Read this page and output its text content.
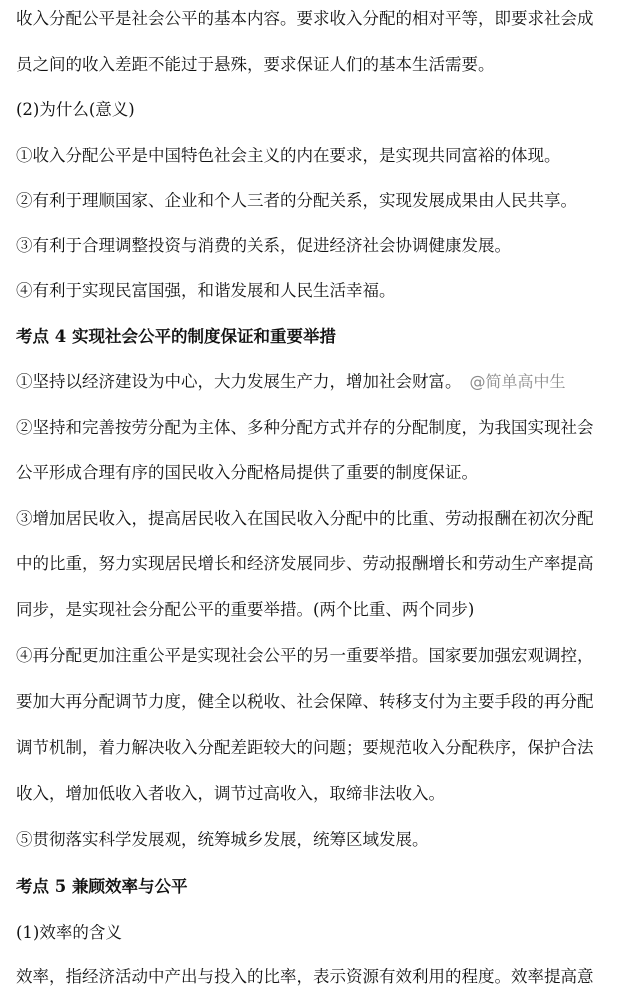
收入分配公平是社会公平的基本内容。要求收入分配的相对平等，即要求社会成
员之间的收入差距不能过于悬殊，要求保证人们的基本生活需要。
(2)为什么(意义)
①收入分配公平是中国特色社会主义的内在要求，是实现共同富裕的体现。
②有利于理顺国家、企业和个人三者的分配关系，实现发展成果由人民共享。
③有利于合理调整投资与消费的关系，促进经济社会协调健康发展。
④有利于实现民富国强，和谐发展和人民生活幸福。
考点 4 实现社会公平的制度保证和重要举措
①坚持以经济建设为中心，大力发展生产力，增加社会财富。 @简单高中生
②坚持和完善按劳分配为主体、多种分配方式并存的分配制度，为我国实现社会
公平形成合理有序的国民收入分配格局提供了重要的制度保证。
③增加居民收入，提高居民收入在国民收入分配中的比重、劳动报酬在初次分配
中的比重，努力实现居民增长和经济发展同步、劳动报酬增长和劳动生产率提高
同步，是实现社会分配公平的重要举措。(两个比重、两个同步)
④再分配更加注重公平是实现社会公平的另一重要举措。国家要加强宏观调控，
要加大再分配调节力度，健全以税收、社会保障、转移支付为主要手段的再分配
调节机制，着力解决收入分配差距较大的问题；要规范收入分配秩序，保护合法
收入，增加低收入者收入，调节过高收入，取缔非法收入。
⑤贯彻落实科学发展观，统筹城乡发展，统筹区域发展。
考点 5 兼顾效率与公平
(1)效率的含义
效率，指经济活动中产出与投入的比率，表示资源有效利用的程度。效率提高意
